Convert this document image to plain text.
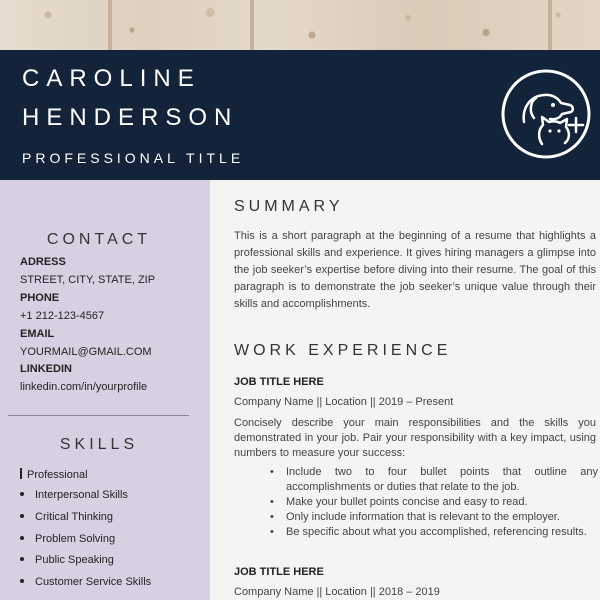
CAROLINE
HENDERSON
PROFESSIONAL TITLE
CONTACT
ADRESS
STREET, CITY, STATE, ZIP
PHONE
+1 212-123-4567
EMAIL
YOURMAIL@GMAIL.COM
LINKEDIN
linkedin.com/in/yourprofile
SKILLS
Professional
Interpersonal Skills
Critical Thinking
Problem Solving
Public Speaking
Customer Service Skills
SUMMARY
This is a short paragraph at the beginning of a resume that highlights a professional skills and experience. It gives hiring managers a glimpse into the job seeker’s expertise before diving into their resume. The goal of this paragraph is to demonstrate the job seeker’s unique value through their skills and accomplishments.
WORK EXPERIENCE
JOB TITLE HERE
Company Name || Location || 2019 – Present
Concisely describe your main responsibilities and the skills you demonstrated in your job. Pair your responsibility with a key impact, using numbers to measure your success:
• Include two to four bullet points that outline any accomplishments or duties that relate to the job.
• Make your bullet points concise and easy to read.
• Only include information that is relevant to the employer.
• Be specific about what you accomplished, referencing results.
JOB TITLE HERE
Company Name || Location || 2018 – 2019
